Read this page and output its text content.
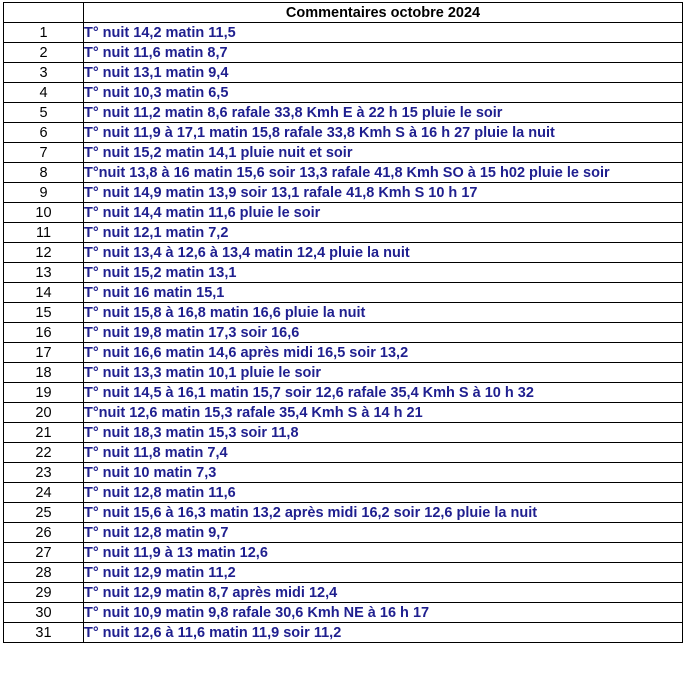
	Commentaires octobre 2024
1	T° nuit 14,2 matin 11,5
2	T° nuit 11,6 matin 8,7
3	T° nuit 13,1 matin 9,4
4	T° nuit 10,3 matin 6,5
5	T° nuit 11,2 matin 8,6 rafale 33,8 Kmh E à 22 h 15 pluie le soir
6	T° nuit 11,9 à 17,1 matin 15,8 rafale 33,8 Kmh S à 16 h 27 pluie la nuit
7	T° nuit 15,2 matin 14,1 pluie nuit et soir
8	T°nuit 13,8 à 16 matin 15,6 soir 13,3 rafale 41,8 Kmh SO à 15 h02 pluie le soir
9	T° nuit 14,9 matin 13,9 soir 13,1 rafale 41,8 Kmh S 10 h 17
10	T° nuit 14,4 matin 11,6 pluie le soir
11	T° nuit 12,1 matin 7,2
12	T° nuit 13,4 à 12,6 à 13,4 matin 12,4 pluie la nuit
13	T° nuit 15,2 matin 13,1
14	T° nuit 16 matin 15,1
15	T° nuit 15,8 à 16,8 matin 16,6 pluie la nuit
16	T° nuit 19,8 matin 17,3 soir 16,6
17	T° nuit 16,6 matin 14,6 après midi 16,5 soir 13,2
18	T° nuit 13,3 matin 10,1 pluie le soir
19	T° nuit 14,5 à 16,1 matin 15,7 soir 12,6 rafale 35,4 Kmh S à 10 h 32
20	T°nuit 12,6 matin 15,3 rafale 35,4 Kmh S à 14 h 21
21	T° nuit 18,3 matin 15,3 soir 11,8
22	T° nuit 11,8 matin 7,4
23	T° nuit 10 matin 7,3
24	T° nuit 12,8 matin 11,6
25	T° nuit 15,6 à 16,3 matin 13,2 après midi 16,2 soir 12,6 pluie la nuit
26	T° nuit 12,8 matin 9,7
27	T° nuit 11,9 à 13 matin 12,6
28	T° nuit 12,9 matin 11,2
29	T° nuit 12,9 matin 8,7 après midi 12,4
30	T° nuit 10,9 matin 9,8 rafale 30,6 Kmh NE à 16 h 17
31	T° nuit 12,6 à 11,6 matin 11,9 soir 11,2
